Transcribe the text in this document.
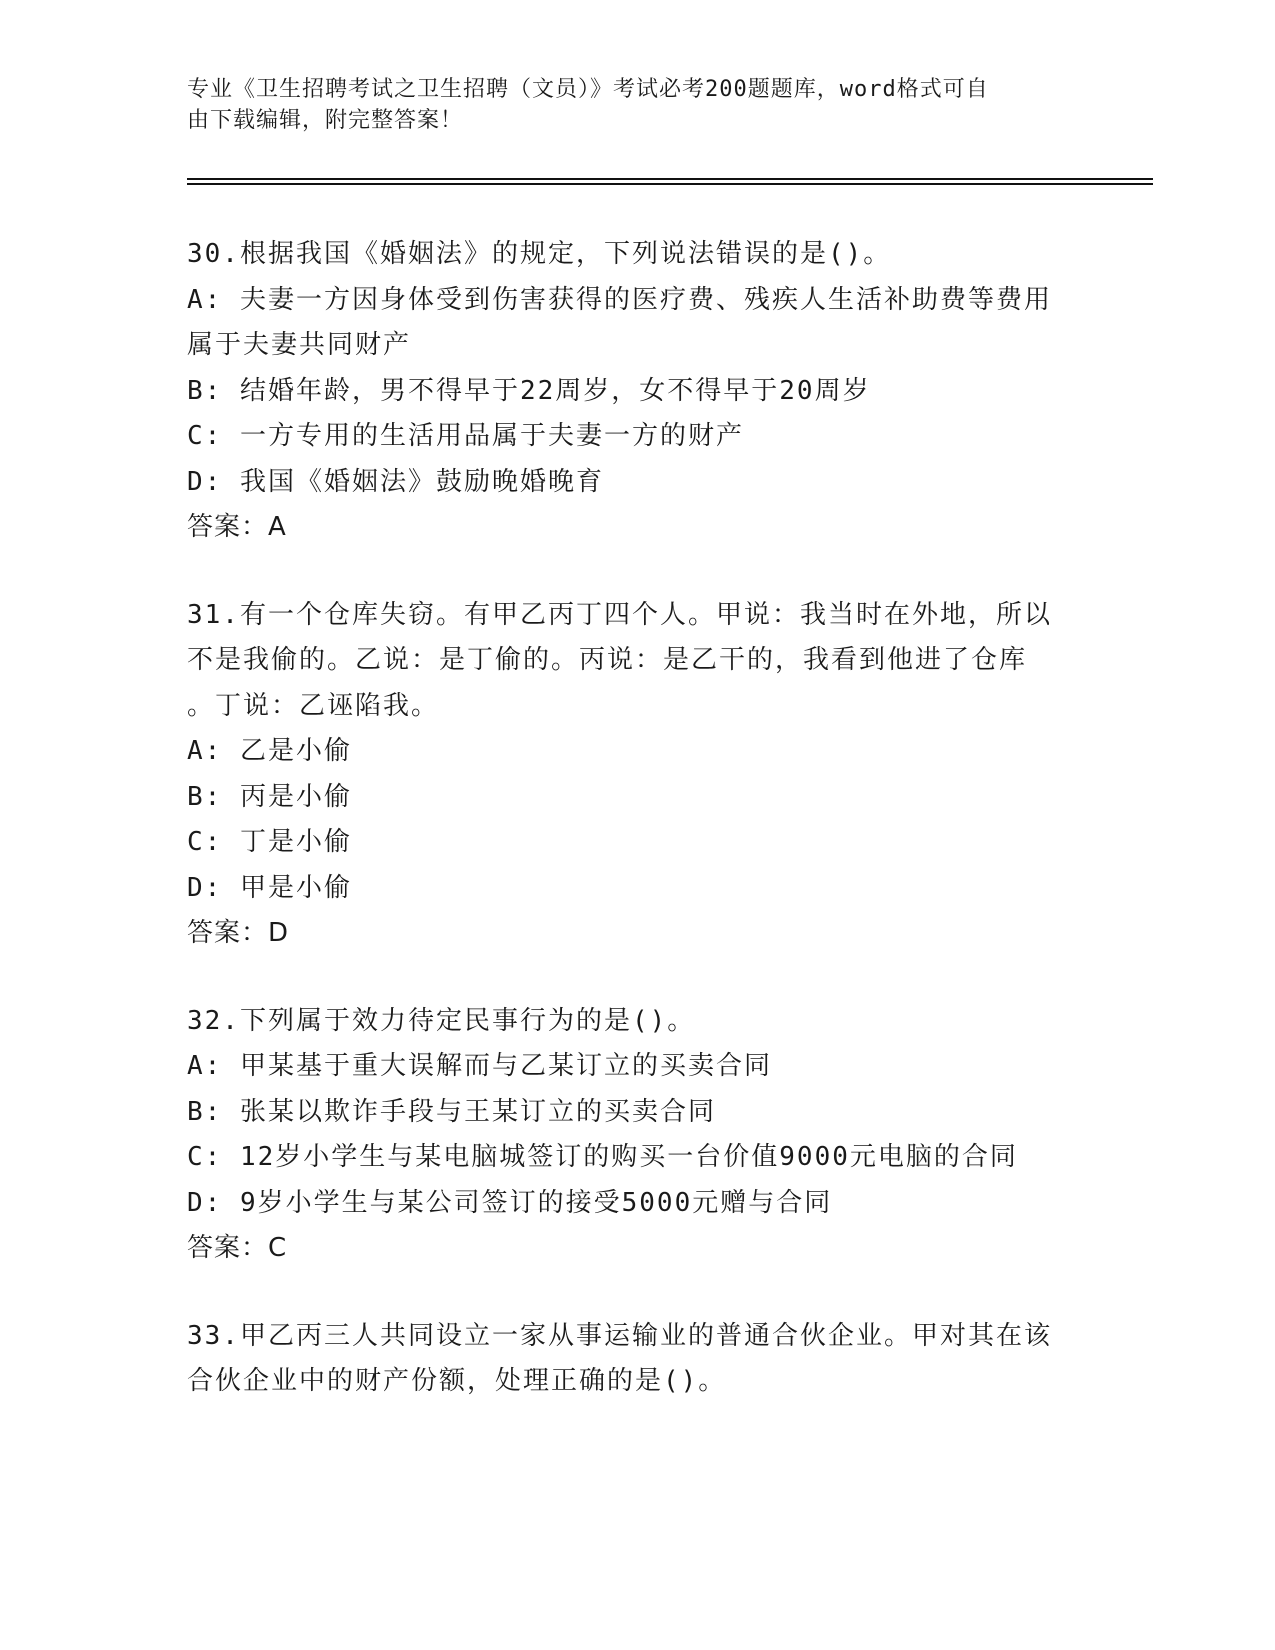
专业《卫生招聘考试之卫生招聘（文员）》考试必考200题题库，word格式可自
由下载编辑，附完整答案！

30.根据我国《婚姻法》的规定，下列说法错误的是()。

A: 夫妻一方因身体受到伤害获得的医疗费、残疾人生活补助费等费用

属于夫妻共同财产

B: 结婚年龄，男不得早于22周岁，女不得早于20周岁

C: 一方专用的生活用品属于夫妻一方的财产

D: 我国《婚姻法》鼓励晚婚晚育

答案：A

31.有一个仓库失窃。有甲乙丙丁四个人。甲说：我当时在外地，所以

不是我偷的。乙说：是丁偷的。丙说：是乙干的，我看到他进了仓库

。丁说：乙诬陷我。

A: 乙是小偷

B: 丙是小偷

C: 丁是小偷

D: 甲是小偷

答案：D

32.下列属于效力待定民事行为的是()。

A: 甲某基于重大误解而与乙某订立的买卖合同

B: 张某以欺诈手段与王某订立的买卖合同

C: 12岁小学生与某电脑城签订的购买一台价值9000元电脑的合同

D: 9岁小学生与某公司签订的接受5000元赠与合同

答案：C

33.甲乙丙三人共同设立一家从事运输业的普通合伙企业。甲对其在该

合伙企业中的财产份额，处理正确的是()。
